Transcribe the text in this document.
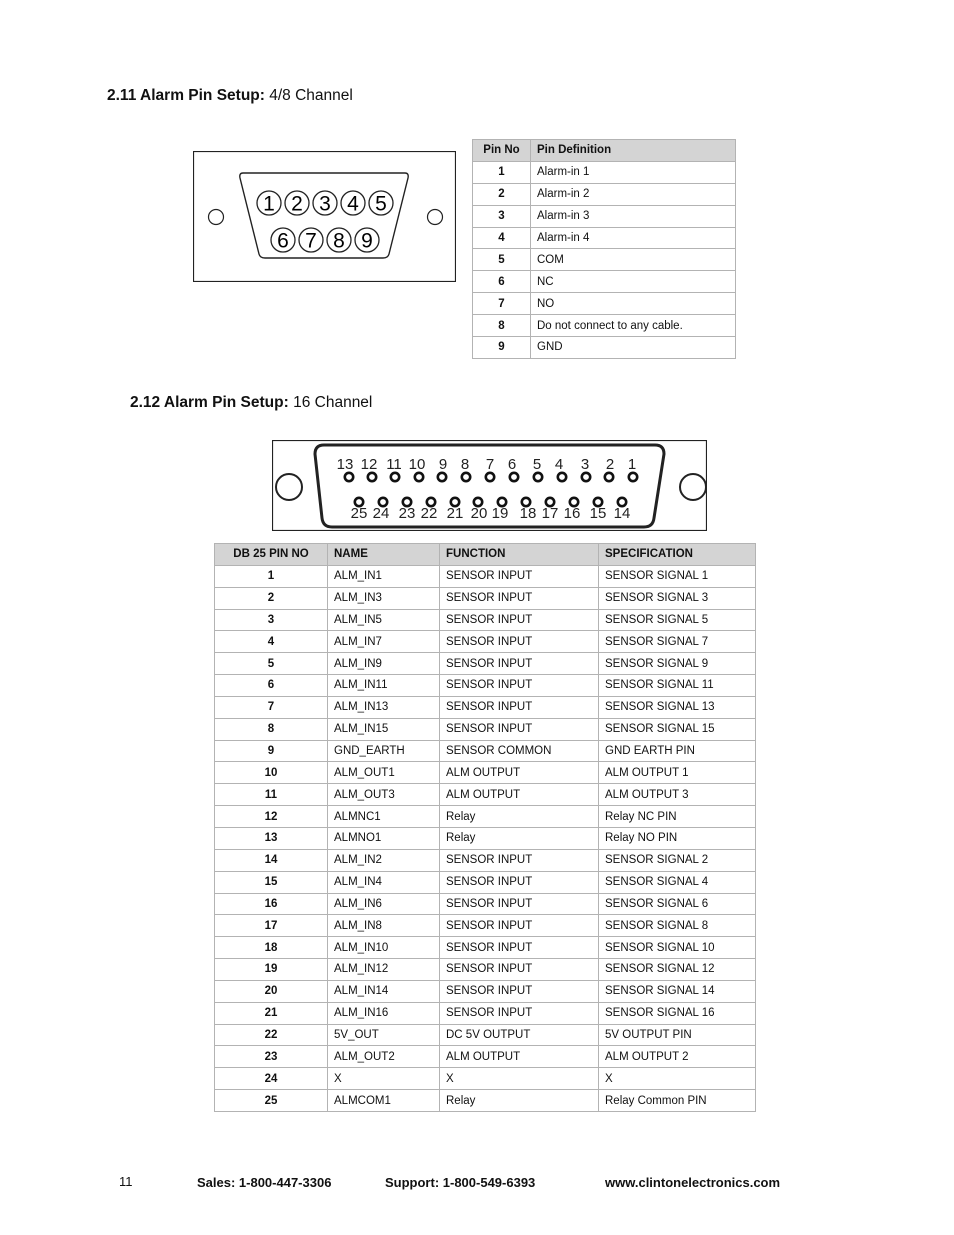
2.11 Alarm Pin Setup: 4/8 Channel
1 2 3 4 5
6 7 8 9
Pin No	Pin Definition
1	Alarm-in 1
2	Alarm-in 2
3	Alarm-in 3
4	Alarm-in 4
5	COM
6	NC
7	NO
8	Do not connect to any cable.
9	GND
2.12 Alarm Pin Setup: 16 Channel
13 12 11 10 9 8 7 6 5 4 3 2 1
25 24 23 22 21 20 19 18 17 16 15 14
DB 25 PIN NO	NAME	FUNCTION	SPECIFICATION
1	ALM_IN1	SENSOR INPUT	SENSOR SIGNAL 1
2	ALM_IN3	SENSOR INPUT	SENSOR SIGNAL 3
3	ALM_IN5	SENSOR INPUT	SENSOR SIGNAL 5
4	ALM_IN7	SENSOR INPUT	SENSOR SIGNAL 7
5	ALM_IN9	SENSOR INPUT	SENSOR SIGNAL 9
6	ALM_IN11	SENSOR INPUT	SENSOR SIGNAL 11
7	ALM_IN13	SENSOR INPUT	SENSOR SIGNAL 13
8	ALM_IN15	SENSOR INPUT	SENSOR SIGNAL 15
9	GND_EARTH	SENSOR COMMON	GND EARTH PIN
10	ALM_OUT1	ALM OUTPUT	ALM OUTPUT 1
11	ALM_OUT3	ALM OUTPUT	ALM OUTPUT 3
12	ALMNC1	Relay	Relay NC PIN
13	ALMNO1	Relay	Relay NO PIN
14	ALM_IN2	SENSOR INPUT	SENSOR SIGNAL 2
15	ALM_IN4	SENSOR INPUT	SENSOR SIGNAL 4
16	ALM_IN6	SENSOR INPUT	SENSOR SIGNAL 6
17	ALM_IN8	SENSOR INPUT	SENSOR SIGNAL 8
18	ALM_IN10	SENSOR INPUT	SENSOR SIGNAL 10
19	ALM_IN12	SENSOR INPUT	SENSOR SIGNAL 12
20	ALM_IN14	SENSOR INPUT	SENSOR SIGNAL 14
21	ALM_IN16	SENSOR INPUT	SENSOR SIGNAL 16
22	5V_OUT	DC 5V OUTPUT	5V OUTPUT PIN
23	ALM_OUT2	ALM OUTPUT	ALM OUTPUT 2
24	X	X	X
25	ALMCOM1	Relay	Relay Common PIN
11	Sales: 1-800-447-3306	Support: 1-800-549-6393	www.clintonelectronics.com
